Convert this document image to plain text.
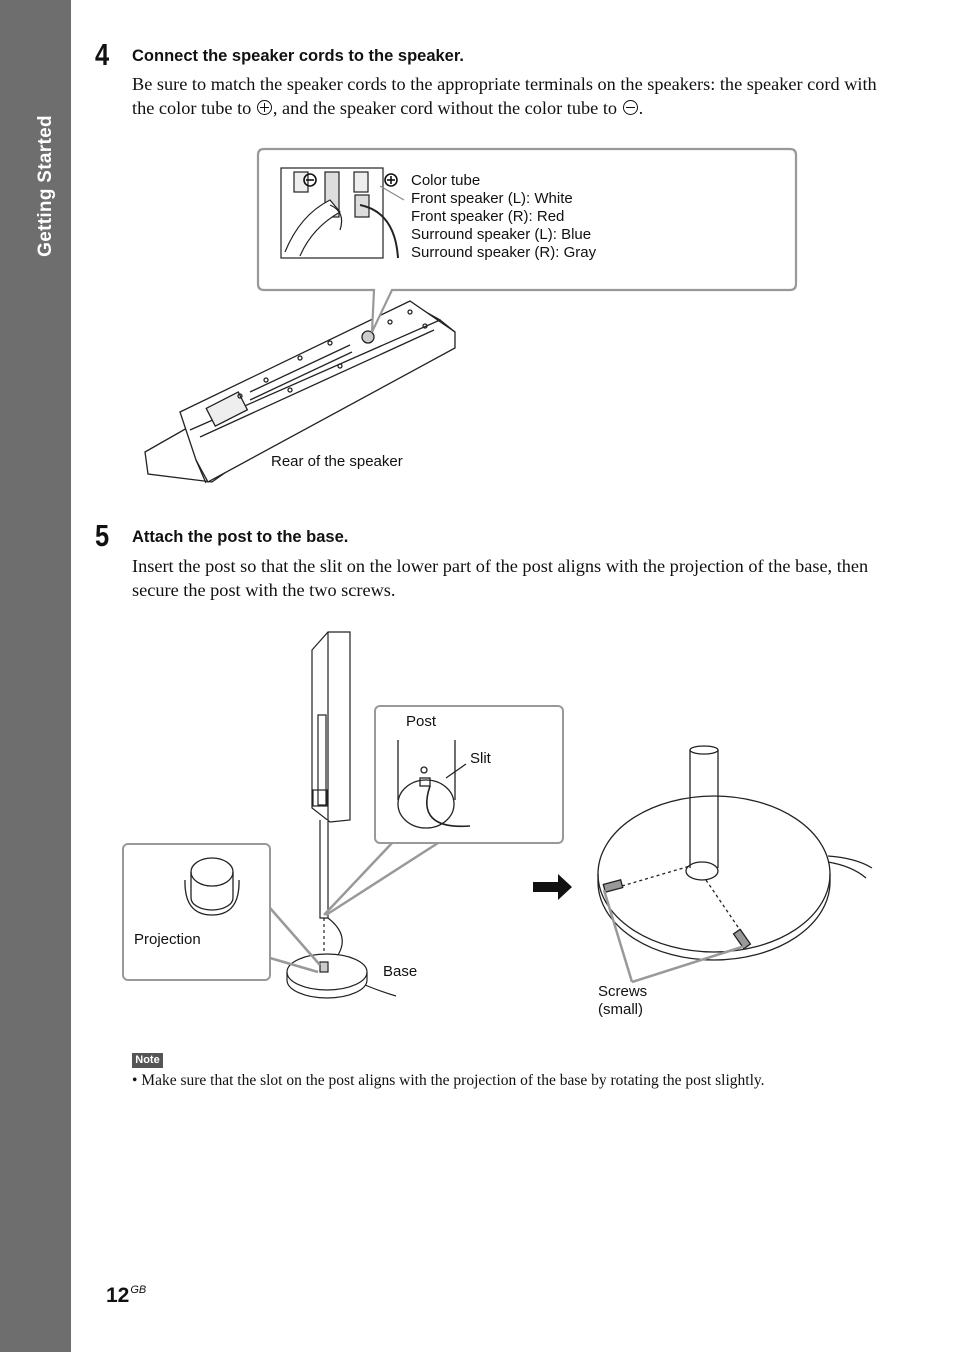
Getting Started
4 Connect the speaker cords to the speaker.
Be sure to match the speaker cords to the appropriate terminals on the speakers: the speaker cord with the color tube to , and the speaker cord without the color tube to .
Color tube
Front speaker (L): White
Front speaker (R): Red
Surround speaker (L): Blue
Surround speaker (R): Gray
Rear of the speaker
5 Attach the post to the base.
Insert the post so that the slit on the lower part of the post aligns with the projection of the base, then secure the post with the two screws.
Post
Slit
Projection
Base
Screws
(small)
Note
• Make sure that the slot on the post aligns with the projection of the base by rotating the post slightly.
$12^{GB}$
